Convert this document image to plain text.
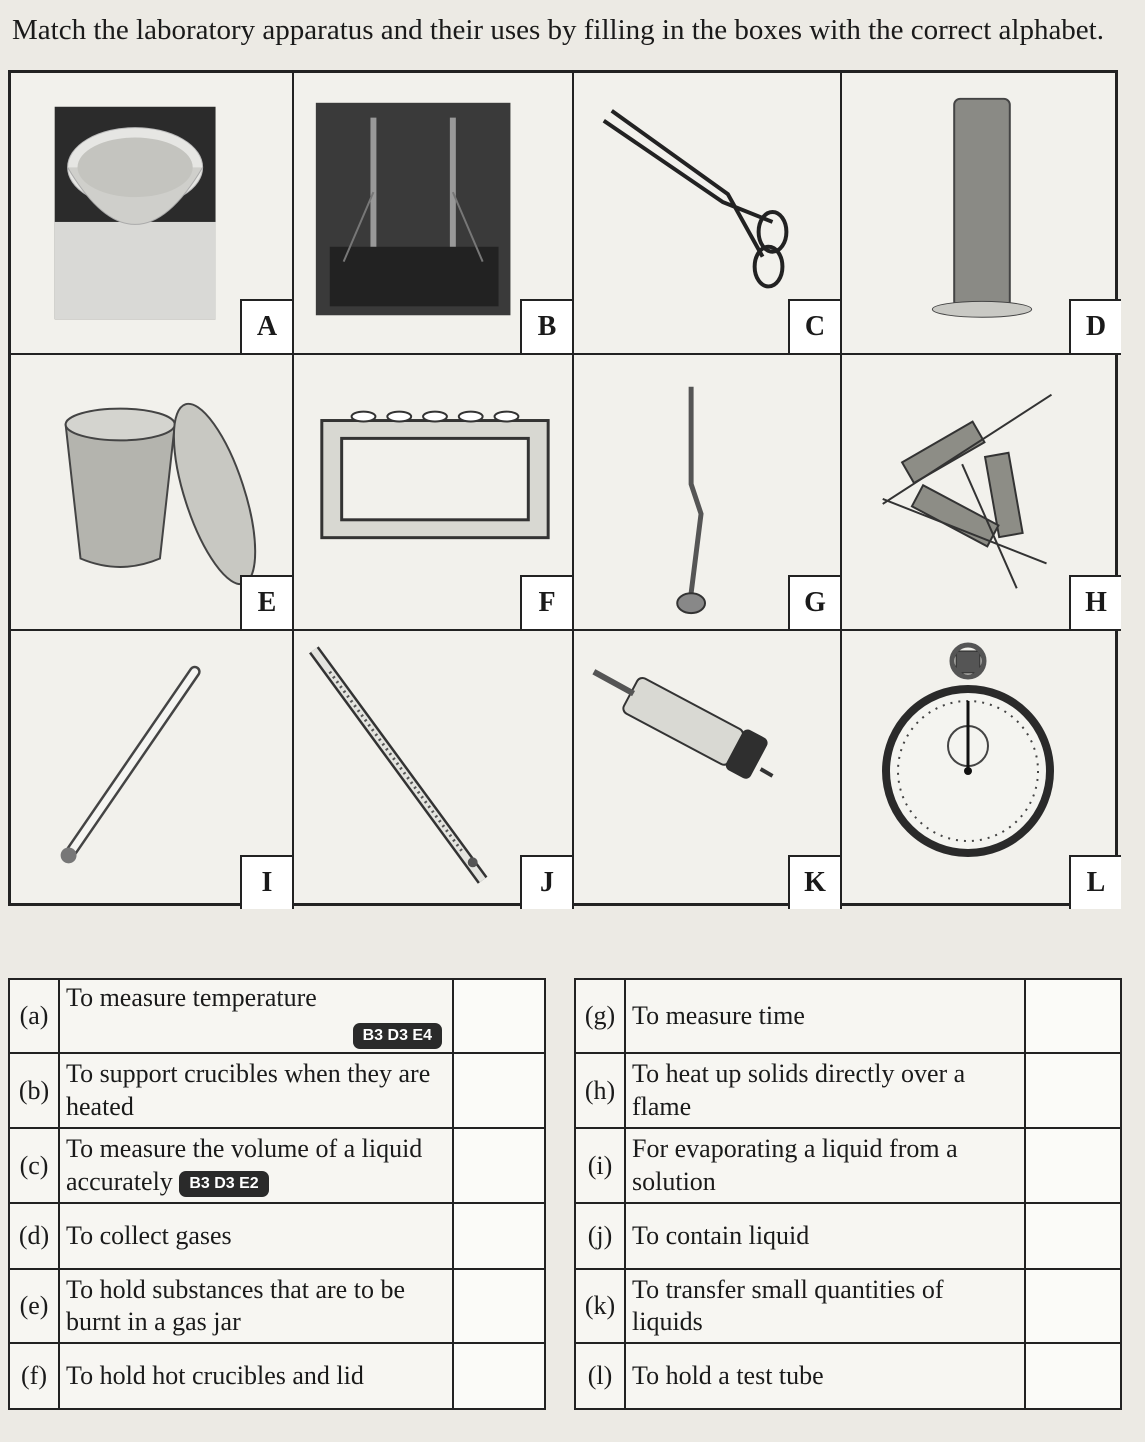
Match the laboratory apparatus and their uses by filling in the boxes with the correct alphabet.
A	B	C	D
E	F	G	H
I	J	K	L
(a)	To measure temperature
B3 D3 E4	

(b)	To support crucibles when they are heated	
(c)	To measure the volume of a liquid accurately B3 D3 E2	
(d)	To collect gases	
(e)	To hold substances that are to be burnt in a gas jar	
(f)	To hold hot crucibles and lid	
(g)	To measure time	
(h)	To heat up solids directly over a flame	
(i)	For evaporating a liquid from a solution	
(j)	To contain liquid	
(k)	To transfer small quantities of liquids	
(l)	To hold a test tube	
